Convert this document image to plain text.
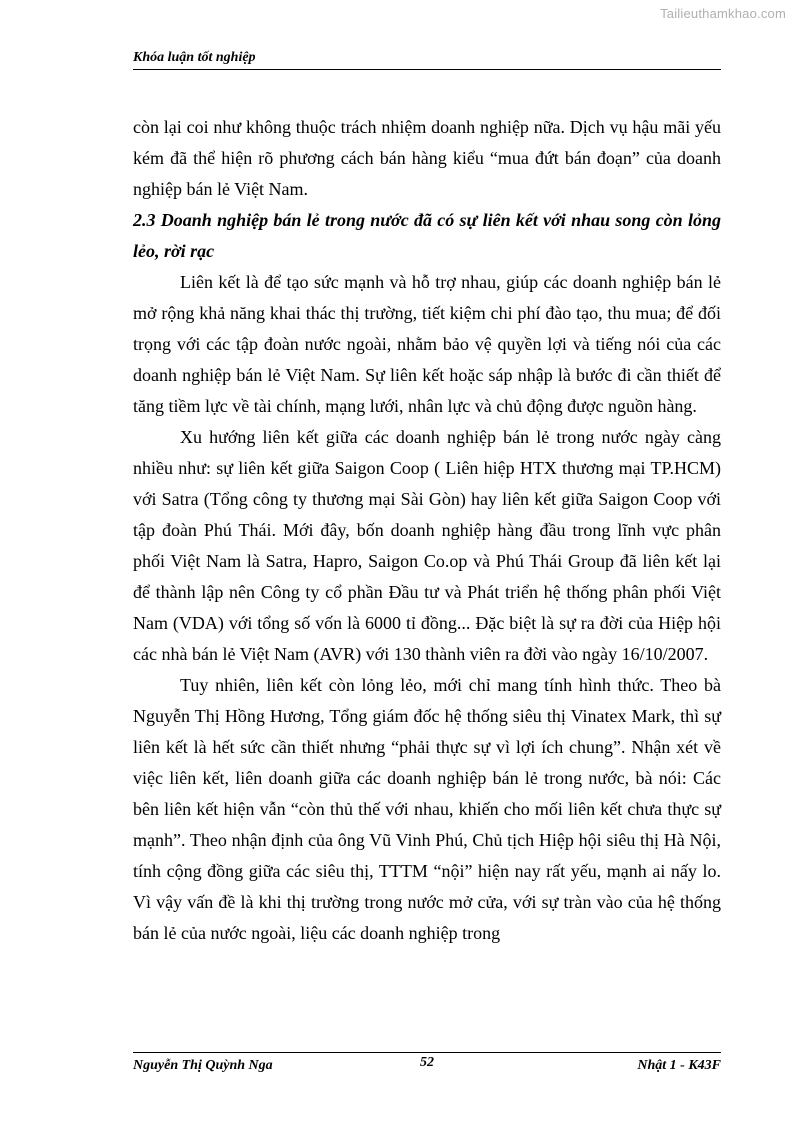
Tailieuthamkhao.com
Khóa luận tốt nghiệp

còn lại coi như không thuộc trách nhiệm doanh nghiệp nữa. Dịch vụ hậu mãi yếu kém đã thể hiện rõ phương cách bán hàng kiểu “mua đứt bán đoạn” của doanh nghiệp bán lẻ Việt Nam.

2.3 Doanh nghiệp bán lẻ trong nước đã có sự liên kết với nhau song còn lỏng lẻo, rời rạc

Liên kết là để tạo sức mạnh và hỗ trợ nhau, giúp các doanh nghiệp bán lẻ mở rộng khả năng khai thác thị trường, tiết kiệm chi phí đào tạo, thu mua; để đối trọng với các tập đoàn nước ngoài, nhằm bảo vệ quyền lợi và tiếng nói của các doanh nghiệp bán lẻ Việt Nam. Sự liên kết hoặc sáp nhập là bước đi cần thiết để tăng tiềm lực về tài chính, mạng lưới, nhân lực và chủ động được nguồn hàng.

Xu hướng liên kết giữa các doanh nghiệp bán lẻ trong nước ngày càng nhiều như: sự liên kết giữa Saigon Coop ( Liên hiệp HTX thương mại TP.HCM) với Satra (Tổng công ty thương mại Sài Gòn) hay liên kết giữa Saigon Coop với tập đoàn Phú Thái. Mới đây, bốn doanh nghiệp hàng đầu trong lĩnh vực phân phối Việt Nam là Satra, Hapro, Saigon Co.op và Phú Thái Group đã liên kết lại để thành lập nên Công ty cổ phần Đầu tư và Phát triển hệ thống phân phối Việt Nam (VDA) với tổng số vốn là 6000 tỉ đồng... Đặc biệt là sự ra đời của Hiệp hội các nhà bán lẻ Việt Nam (AVR) với 130 thành viên ra đời vào ngày 16/10/2007.

Tuy nhiên, liên kết còn lỏng lẻo, mới chỉ mang tính hình thức. Theo bà Nguyễn Thị Hồng Hương, Tổng giám đốc hệ thống siêu thị Vinatex Mark, thì sự liên kết là hết sức cần thiết nhưng “phải thực sự vì lợi ích chung”. Nhận xét về việc liên kết, liên doanh giữa các doanh nghiệp bán lẻ trong nước, bà nói: Các bên liên kết hiện vẫn “còn thủ thế với nhau, khiến cho mối liên kết chưa thực sự mạnh”. Theo nhận định của ông Vũ Vinh Phú, Chủ tịch Hiệp hội siêu thị Hà Nội, tính cộng đồng giữa các siêu thị, TTTM “nội” hiện nay rất yếu, mạnh ai nấy lo. Vì vậy vấn đề là khi thị trường trong nước mở cửa, với sự tràn vào của hệ thống bán lẻ của nước ngoài, liệu các doanh nghiệp trong

Nguyễn Thị Quỳnh Nga	52	Nhật 1 - K43F
